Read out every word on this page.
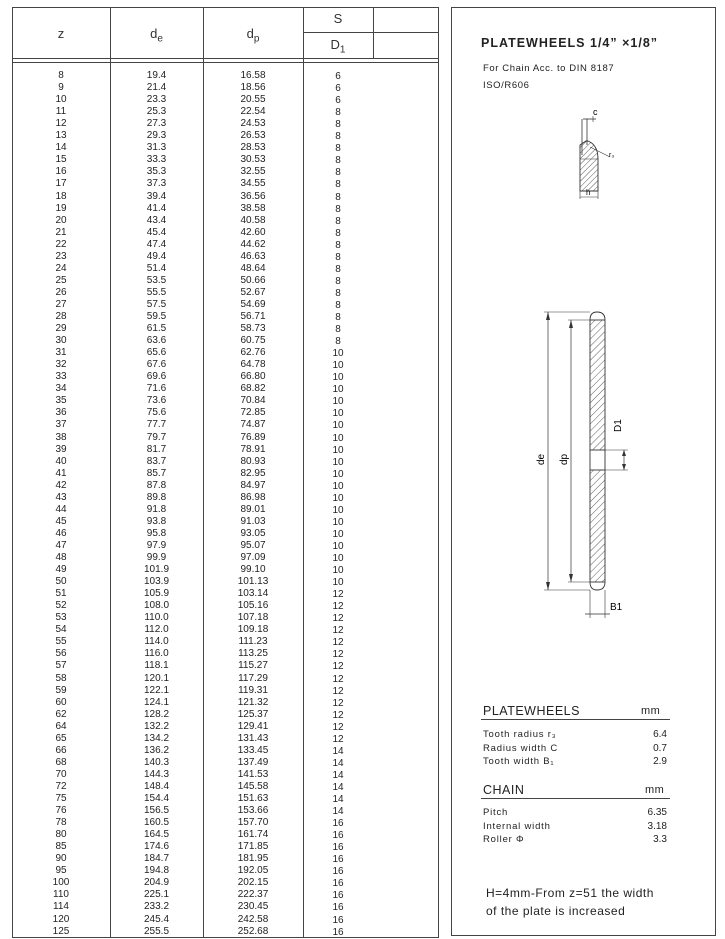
z	$d_e$	$d_p$
S
$D_1$
8	19.4	16.58	6
9	21.4	18.56	6
10	23.3	20.55	6
11	25.3	22.54	8
12	27.3	24.53	8
13	29.3	26.53	8
14	31.3	28.53	8
15	33.3	30.53	8
16	35.3	32.55	8
17	37.3	34.55	8
18	39.4	36.56	8
19	41.4	38.58	8
20	43.4	40.58	8
21	45.4	42.60	8
22	47.4	44.62	8
23	49.4	46.63	8
24	51.4	48.64	8
25	53.5	50.66	8
26	55.5	52.67	8
27	57.5	54.69	8
28	59.5	56.71	8
29	61.5	58.73	8
30	63.6	60.75	8
31	65.6	62.76	10
32	67.6	64.78	10
33	69.6	66.80	10
34	71.6	68.82	10
35	73.6	70.84	10
36	75.6	72.85	10
37	77.7	74.87	10
38	79.7	76.89	10
39	81.7	78.91	10
40	83.7	80.93	10
41	85.7	82.95	10
42	87.8	84.97	10
43	89.8	86.98	10
44	91.8	89.01	10
45	93.8	91.03	10
46	95.8	93.05	10
47	97.9	95.07	10
48	99.9	97.09	10
49	101.9	99.10	10
50	103.9	101.13	10
51	105.9	103.14	12
52	108.0	105.16	12
53	110.0	107.18	12
54	112.0	109.18	12
55	114.0	111.23	12
56	116.0	113.25	12
57	118.1	115.27	12
58	120.1	117.29	12
59	122.1	119.31	12
60	124.1	121.32	12
62	128.2	125.37	12
64	132.2	129.41	12
65	134.2	131.43	12
66	136.2	133.45	14
68	140.3	137.49	14
70	144.3	141.53	14
72	148.4	145.58	14
75	154.4	151.63	14
76	156.5	153.66	14
78	160.5	157.70	16
80	164.5	161.74	16
85	174.6	171.85	16
90	184.7	181.95	16
95	194.8	192.05	16
100	204.9	202.15	16
110	225.1	222.37	16
114	233.2	230.45	16
120	245.4	242.58	16
125	255.5	252.68	16
PLATEWHEELS 1/4” ×1/8”
For Chain Acc. to DIN 8187
ISO/R606
c
r₃
h
de dp
D1
B1
PLATEWHEELS	mm
Tooth radius r₃	6.4
Radius width C	0.7
Tooth width B₁	2.9
CHAIN	mm
Pitch	6.35
Internal width	3.18
Roller Φ	3.3
H=4mm-From z=51 the width
of the plate is increased
